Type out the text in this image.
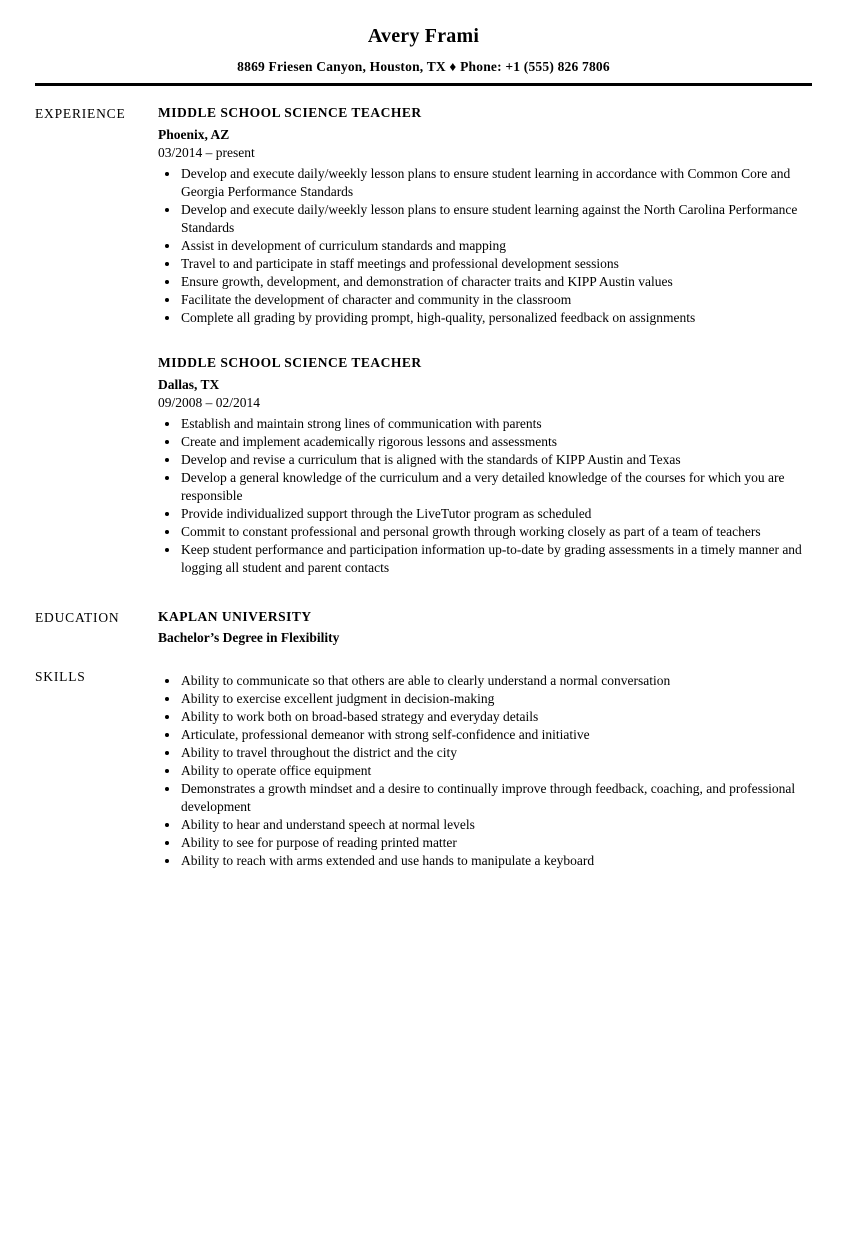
Avery Frami
8869 Friesen Canyon, Houston, TX ♦ Phone: +1 (555) 826 7806
EXPERIENCE	MIDDLE SCHOOL SCIENCE TEACHER
Phoenix, AZ
03/2014 – present
• Develop and execute daily/weekly lesson plans to ensure student learning in accordance with Common Core and Georgia Performance Standards
• Develop and execute daily/weekly lesson plans to ensure student learning against the North Carolina Performance Standards
• Assist in development of curriculum standards and mapping
• Travel to and participate in staff meetings and professional development sessions
• Ensure growth, development, and demonstration of character traits and KIPP Austin values
• Facilitate the development of character and community in the classroom
• Complete all grading by providing prompt, high-quality, personalized feedback on assignments
MIDDLE SCHOOL SCIENCE TEACHER
Dallas, TX
09/2008 – 02/2014
• Establish and maintain strong lines of communication with parents
• Create and implement academically rigorous lessons and assessments
• Develop and revise a curriculum that is aligned with the standards of KIPP Austin and Texas
• Develop a general knowledge of the curriculum and a very detailed knowledge of the courses for which you are responsible
• Provide individualized support through the LiveTutor program as scheduled
• Commit to constant professional and personal growth through working closely as part of a team of teachers
• Keep student performance and participation information up-to-date by grading assessments in a timely manner and logging all student and parent contacts
EDUCATION	KAPLAN UNIVERSITY
Bachelor’s Degree in Flexibility
SKILLS	• Ability to communicate so that others are able to clearly understand a normal conversation
• Ability to exercise excellent judgment in decision-making
• Ability to work both on broad-based strategy and everyday details
• Articulate, professional demeanor with strong self-confidence and initiative
• Ability to travel throughout the district and the city
• Ability to operate office equipment
• Demonstrates a growth mindset and a desire to continually improve through feedback, coaching, and professional development
• Ability to hear and understand speech at normal levels
• Ability to see for purpose of reading printed matter
• Ability to reach with arms extended and use hands to manipulate a keyboard
